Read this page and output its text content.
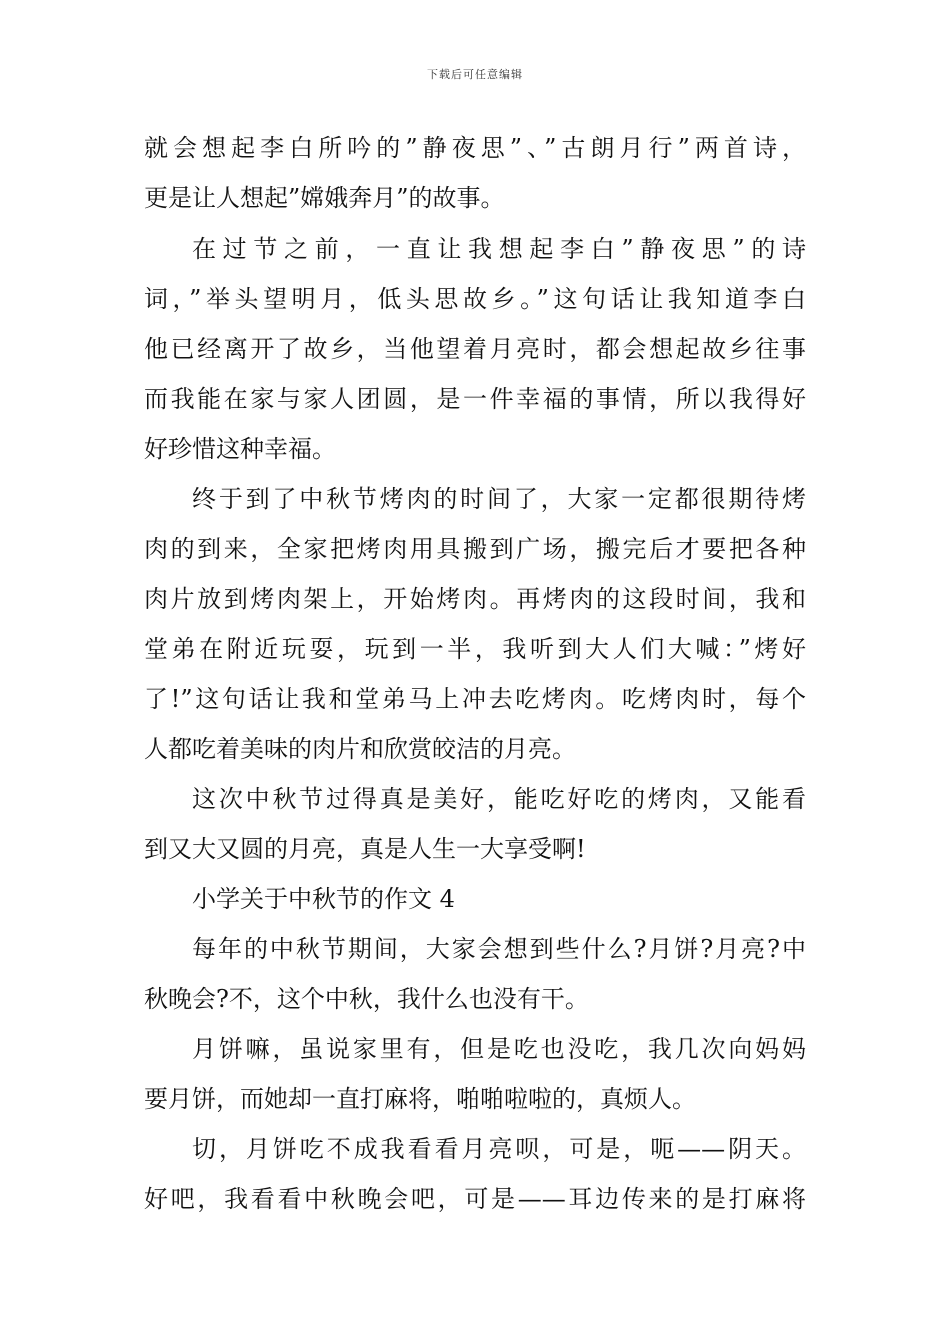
下载后可任意编辑
就会想起李白所吟的”静夜思”、”古朗月行”两首诗，
更是让人想起”嫦娥奔月”的故事。
在过节之前，一直让我想起李白”静夜思”的诗
词，”举头望明月，低头思故乡。”这句话让我知道李白
他已经离开了故乡，当他望着月亮时，都会想起故乡往事
而我能在家与家人团圆，是一件幸福的事情，所以我得好
好珍惜这种幸福。
终于到了中秋节烤肉的时间了，大家一定都很期待烤
肉的到来，全家把烤肉用具搬到广场，搬完后才要把各种
肉片放到烤肉架上，开始烤肉。再烤肉的这段时间，我和
堂弟在附近玩耍，玩到一半，我听到大人们大喊：”烤好
了!”这句话让我和堂弟马上冲去吃烤肉。吃烤肉时，每个
人都吃着美味的肉片和欣赏皎洁的月亮。
这次中秋节过得真是美好，能吃好吃的烤肉，又能看
到又大又圆的月亮，真是人生一大享受啊!
小学关于中秋节的作文 4
每年的中秋节期间，大家会想到些什么?月饼?月亮?中
秋晚会?不，这个中秋，我什么也没有干。
月饼嘛，虽说家里有，但是吃也没吃，我几次向妈妈
要月饼，而她却一直打麻将，啪啪啦啦的，真烦人。
切，月饼吃不成我看看月亮呗，可是，呃——阴天。
好吧，我看看中秋晚会吧，可是——耳边传来的是打麻将
